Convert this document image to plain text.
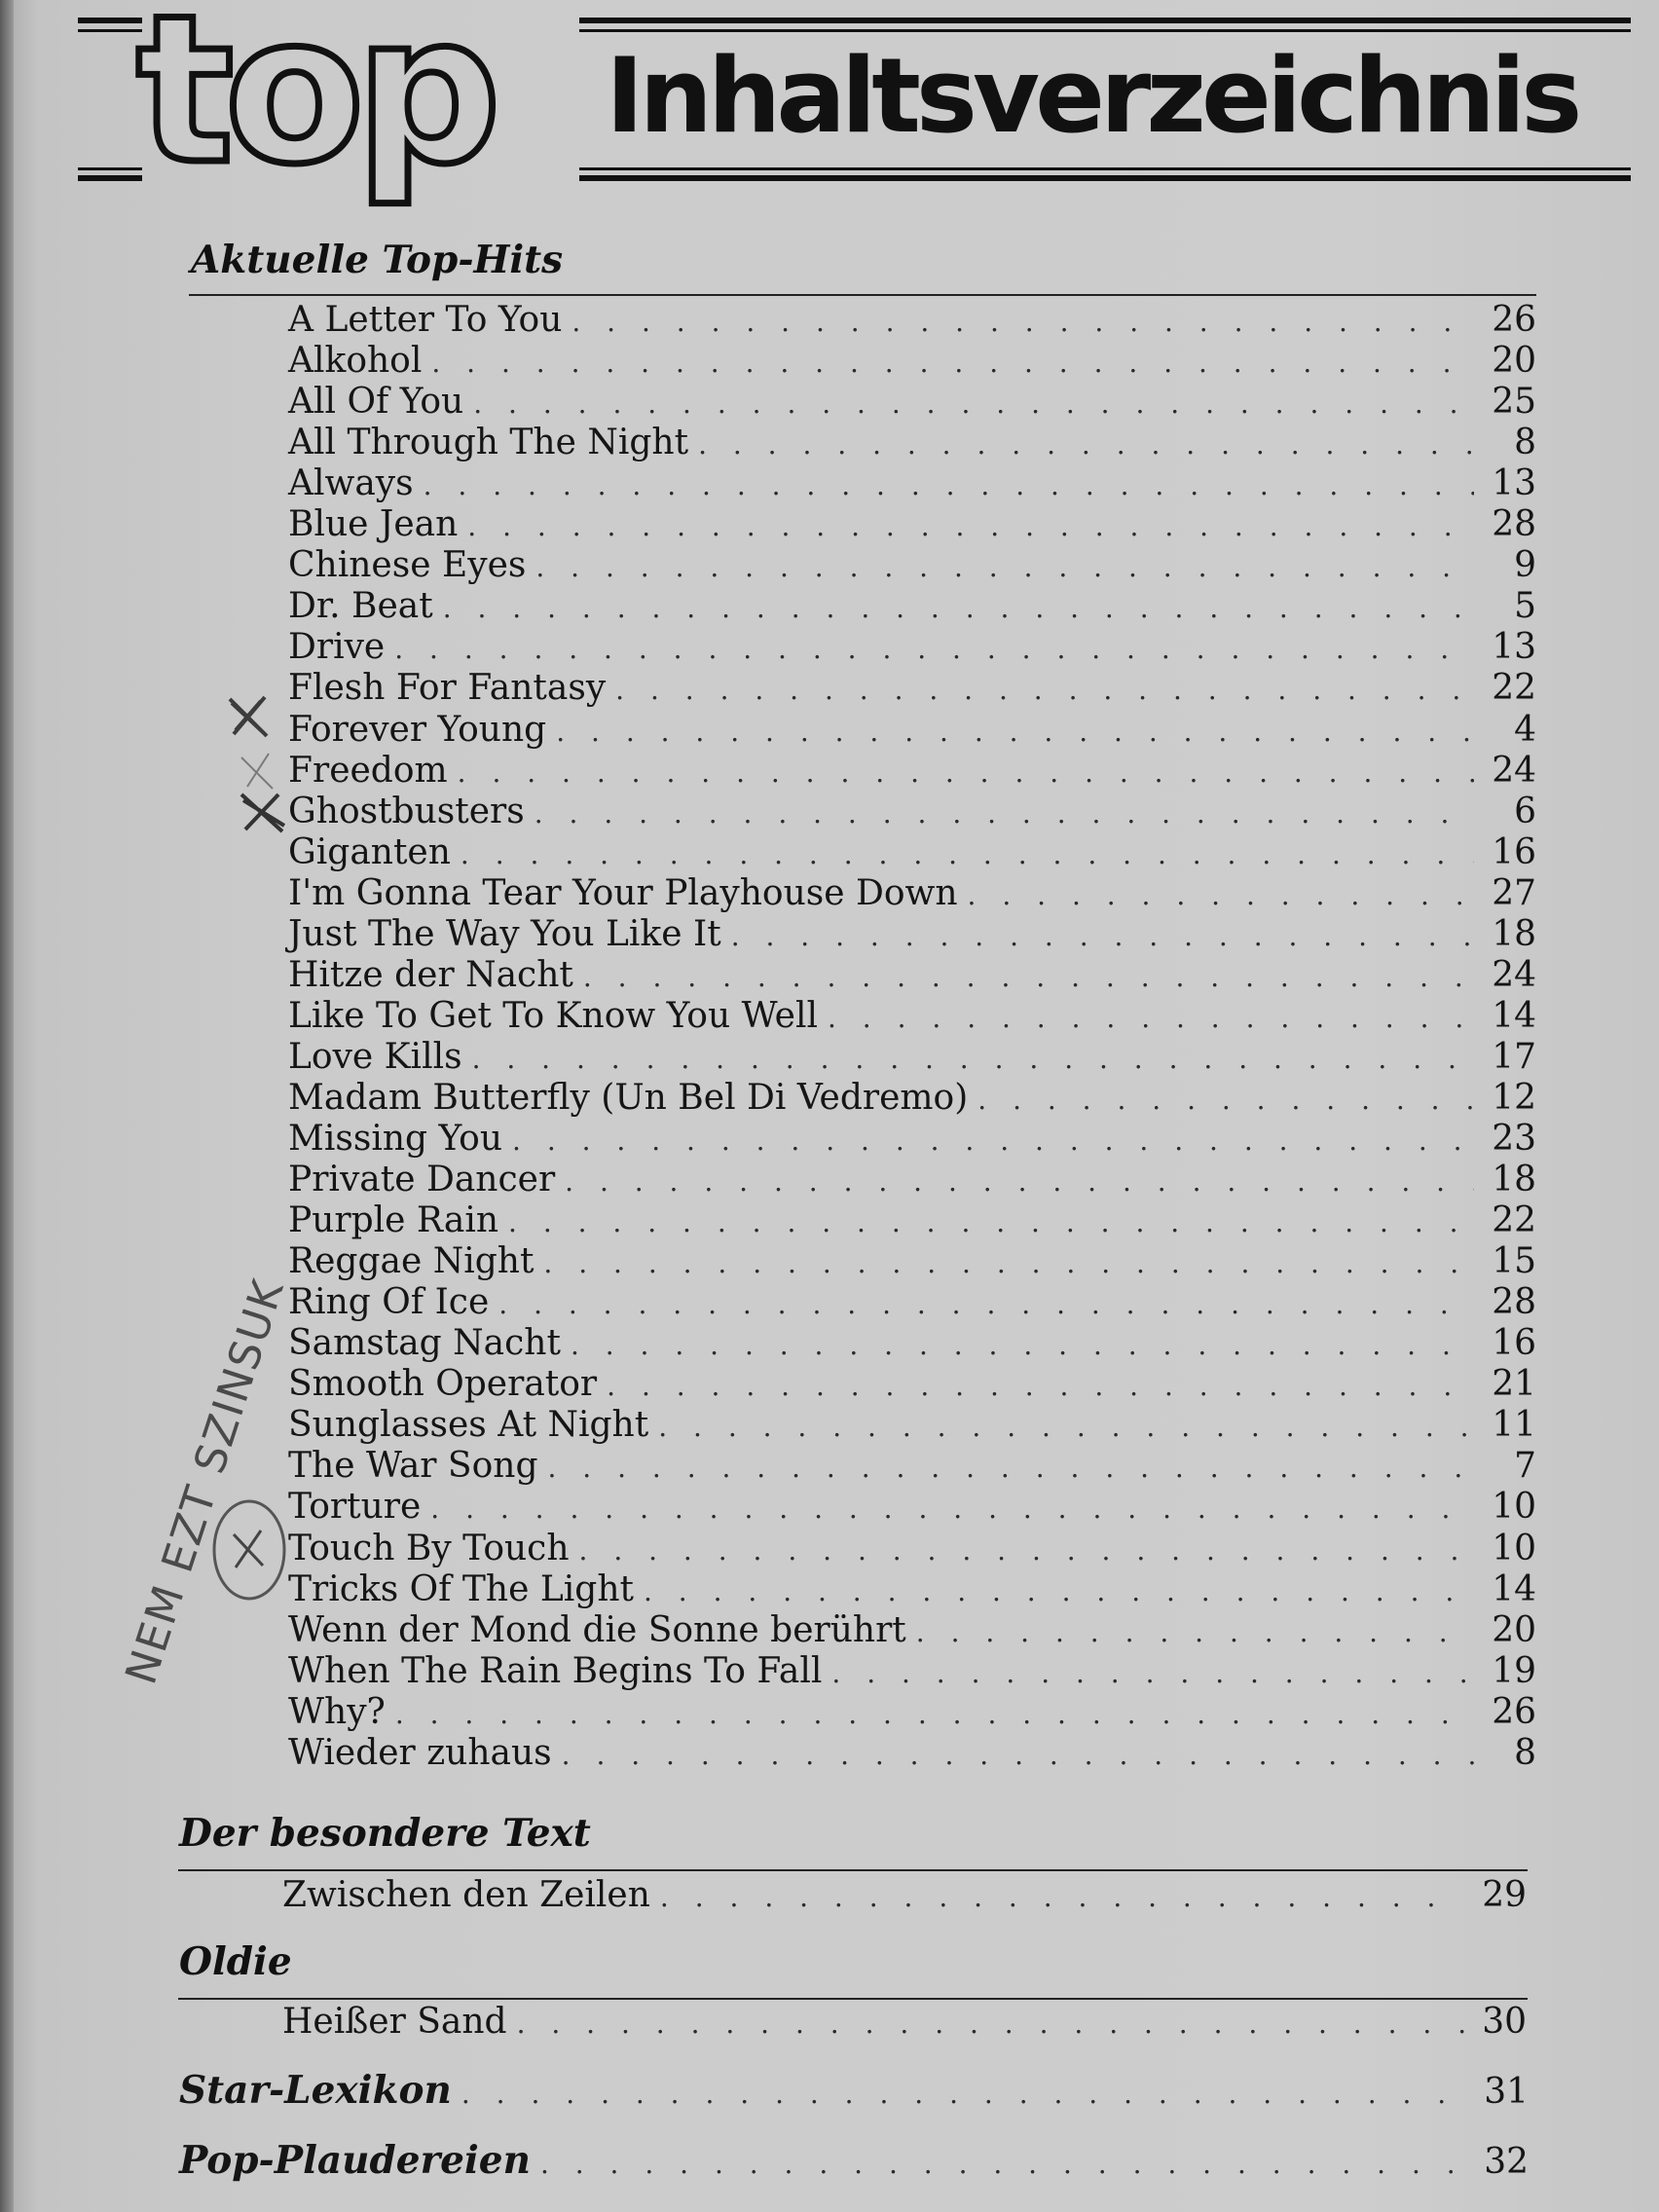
top Inhaltsverzeichnis
Aktuelle Top-Hits
A Letter To You . . .	26
Alkohol . . .	20
All Of You . . .	25
All Through The Night . . .	8
Always . . .	13
Blue Jean . . .	28
Chinese Eyes . . .	9
Dr. Beat . . .	5
Drive . . .	13
Flesh For Fantasy . . .	22
Forever Young . . .	4
Freedom . . .	24
Ghostbusters . . .	6
Giganten . . .	16
I'm Gonna Tear Your Playhouse Down . . .	27
Just The Way You Like It . . .	18
Hitze der Nacht . . .	24
Like To Get To Know You Well . . .	14
Love Kills . . .	17
Madam Butterfly (Un Bel Di Vedremo) . . .	12
Missing You . . .	23
Private Dancer . . .	18
Purple Rain . . .	22
Reggae Night . . .	15
Ring Of Ice . . .	28
Samstag Nacht . . .	16
Smooth Operator . . .	21
Sunglasses At Night . . .	11
The War Song . . .	7
Torture . . .	10
Touch By Touch . . .	10
Tricks Of The Light . . .	14
Wenn der Mond die Sonne berührt . . .	20
When The Rain Begins To Fall . . .	19
Why? . . .	26
Wieder zuhaus . . .	8
Der besondere Text
Zwischen den Zeilen . . .	29
Oldie
Heißer Sand . . .	30
Star-Lexikon . . .	31
Pop-Plaudereien . . .	32
NEM EZT SZINSUK
